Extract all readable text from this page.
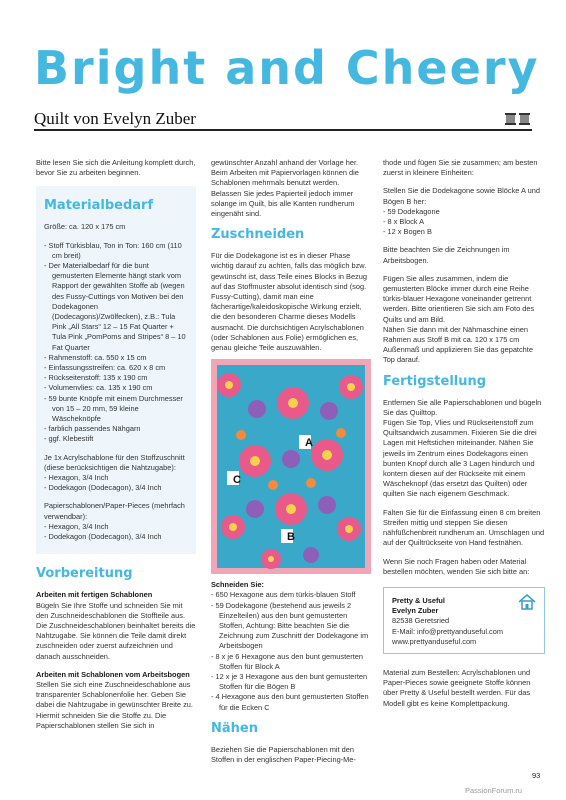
Bright and Cheery
Quilt von Evelyn Zuber

Bitte lesen Sie sich die Anleitung komplett durch, bevor Sie zu arbeiten beginnen.

Materialbedarf

Größe: ca. 120 x 175 cm

- Stoff Türkisblau, Ton in Ton: 160 cm (110 cm breit)
- Der Materialbedarf für die bunt gemusterten Elemente hängt stark vom Rapport der gewählten Stoffe ab (wegen des Fussy-Cuttings von Motiven bei den Dodekagonen (Dodecagons)/Zwölfecken), z.B.: Tula Pink „All Stars“ 12 – 15 Fat Quarter + Tula Pink „PomPoms and Stripes“ 8 – 10 Fat Quarter
- Rahmenstoff: ca. 550 x 15 cm
- Einfassungsstreifen: ca. 620 x 8 cm
- Rückseitenstoff: 135 x 190 cm
- Volumenvlies: ca. 135 x 190 cm
- 59 bunte Knöpfe mit einem Durchmesser von 15 – 20 mm, 59 kleine Wäscheknöpfe
- farblich passendes Nähgarn
- ggf. Klebestift

Je 1x Acrylschablone für den Stoffzuschnitt (diese berücksichtigen die Nahtzugabe):

- Hexagon, 3/4 Inch
- Dodekagon (Dodecagon), 3/4 Inch

Papierschablonen/Paper-Pieces (mehrfach verwendbar):

- Hexagon, 3/4 Inch
- Dodekagon (Dodecagon), 3/4 Inch
Vorbereitung
Arbeiten mit fertigen Schablonen

Bügeln Sie Ihre Stoffe und schneiden Sie mit den Zuschneideschablonen die Stoffteile aus. Die Zuschneideschablonen beinhaltet bereits die Nahtzugabe. Sie können die Teile damit direkt zuschneiden oder zuerst aufzeichnen und danach ausschneiden.

Arbeiten mit Schablonen vom Arbeitsbogen

Stellen Sie sich eine Zuschneideschablone aus transparenter Schablonenfolie her. Geben Sie dabei die Nahtzugabe in gewünschter Breite zu. Hiermit schneiden Sie die Stoffe zu. Die Papierschablonen stellen Sie sich in

gewünschter Anzahl anhand der Vorlage her. Beim Arbeiten mit Papiervorlagen können die Schablonen mehrmals benutzt werden. Belassen Sie jedes Papierteil jedoch immer solange im Quilt, bis alle Kanten rundherum eingenäht sind.

Zuschneiden

Für die Dodekagone ist es in dieser Phase wichtig darauf zu achten, falls das möglich bzw. gewünscht ist, dass Teile eines Blocks in Bezug auf das Stoffmuster absolut identisch sind (sog. Fussy-Cutting), damit man eine fächerartige/kaleidoskopische Wirkung erzielt, die den besonderen Charme dieses Modells ausmacht. Die durchsichtigen Acrylschablonen (oder Schablonen aus Folie) ermöglichen es, genau gleiche Teile auszuwählen.

C
A
B
Schneiden Sie:
- 650 Hexagone aus dem türkis-blauen Stoff
- 59 Dodekagone (bestehend aus jeweils 2 Einzelteilen) aus den bunt gemusterten Stoffen, Achtung: Bitte beachten Sie die Zeichnung zum Zuschnitt der Dodekagone im Arbeitsbogen
- 8 x je 6 Hexagone aus den bunt gemusterten Stoffen für Block A
- 12 x je 3 Hexagone aus den bunt gemusterten Stoffen für die Bögen B
- 4 Hexagone aus den bunt gemusterten Stoffen für die Ecken C
Nähen

Beziehen Sie die Papierschablonen mit den Stoffen in der englischen Paper-Piecing-Me-

thode und fügen Sie sie zusammen; am besten zuerst in kleinere Einheiten:

Stellen Sie die Dodekagone sowie Blöcke A und Bögen B her:

- 59 Dodekagone
- 8 x Block A
- 12 x Bogen B

Bitte beachten Sie die Zeichnungen im Arbeitsbogen.

Fügen Sie alles zusammen, indem die gemusterten Blöcke immer durch eine Reihe türkis-blauer Hexagone voneinander getrennt werden. Bitte orientieren Sie sich am Foto des Quilts und am Bild.

Nähen Sie dann mit der Nähmaschine einen Rahmen aus Stoff B mit ca. 120 x 175 cm Außenmaß und applizieren Sie das gepatchte Top darauf.

Fertigstellung

Entfernen Sie alle Papierschablonen und bügeln Sie das Quilttop.

Fügen Sie Top, Vlies und Rückseitenstoff zum Quiltsandwich zusammen. Fixieren Sie die drei Lagen mit Heftstichen miteinander. Nähen Sie jeweils im Zentrum eines Dodekagons einen bunten Knopf durch alle 3 Lagen hindurch und kontern diesen auf der Rückseite mit einem Wäscheknopf (das ersetzt das Quilten) oder quilten Sie nach eigenem Geschmack.

Falten Sie für die Einfassung einen 8 cm breiten Streifen mittig und steppen Sie diesen nähfüßchenbreit rundherum an. Umschlagen und auf der Quiltrückseite von Hand festnähen.

Wenn Sie noch Fragen haben oder Material bestellen möchten, wenden Sie sich bitte an:

Pretty & Useful
Evelyn Zuber
82538 Geretsried
E-Mail: info@prettyanduseful.com
www.prettyanduseful.com

Material zum Bestellen: Acrylschablonen und Paper-Pieces sowie geeignete Stoffe können über Pretty & Useful bestellt werden. Für das Modell gibt es keine Komplettpackung.

93
PassionForum.ru
